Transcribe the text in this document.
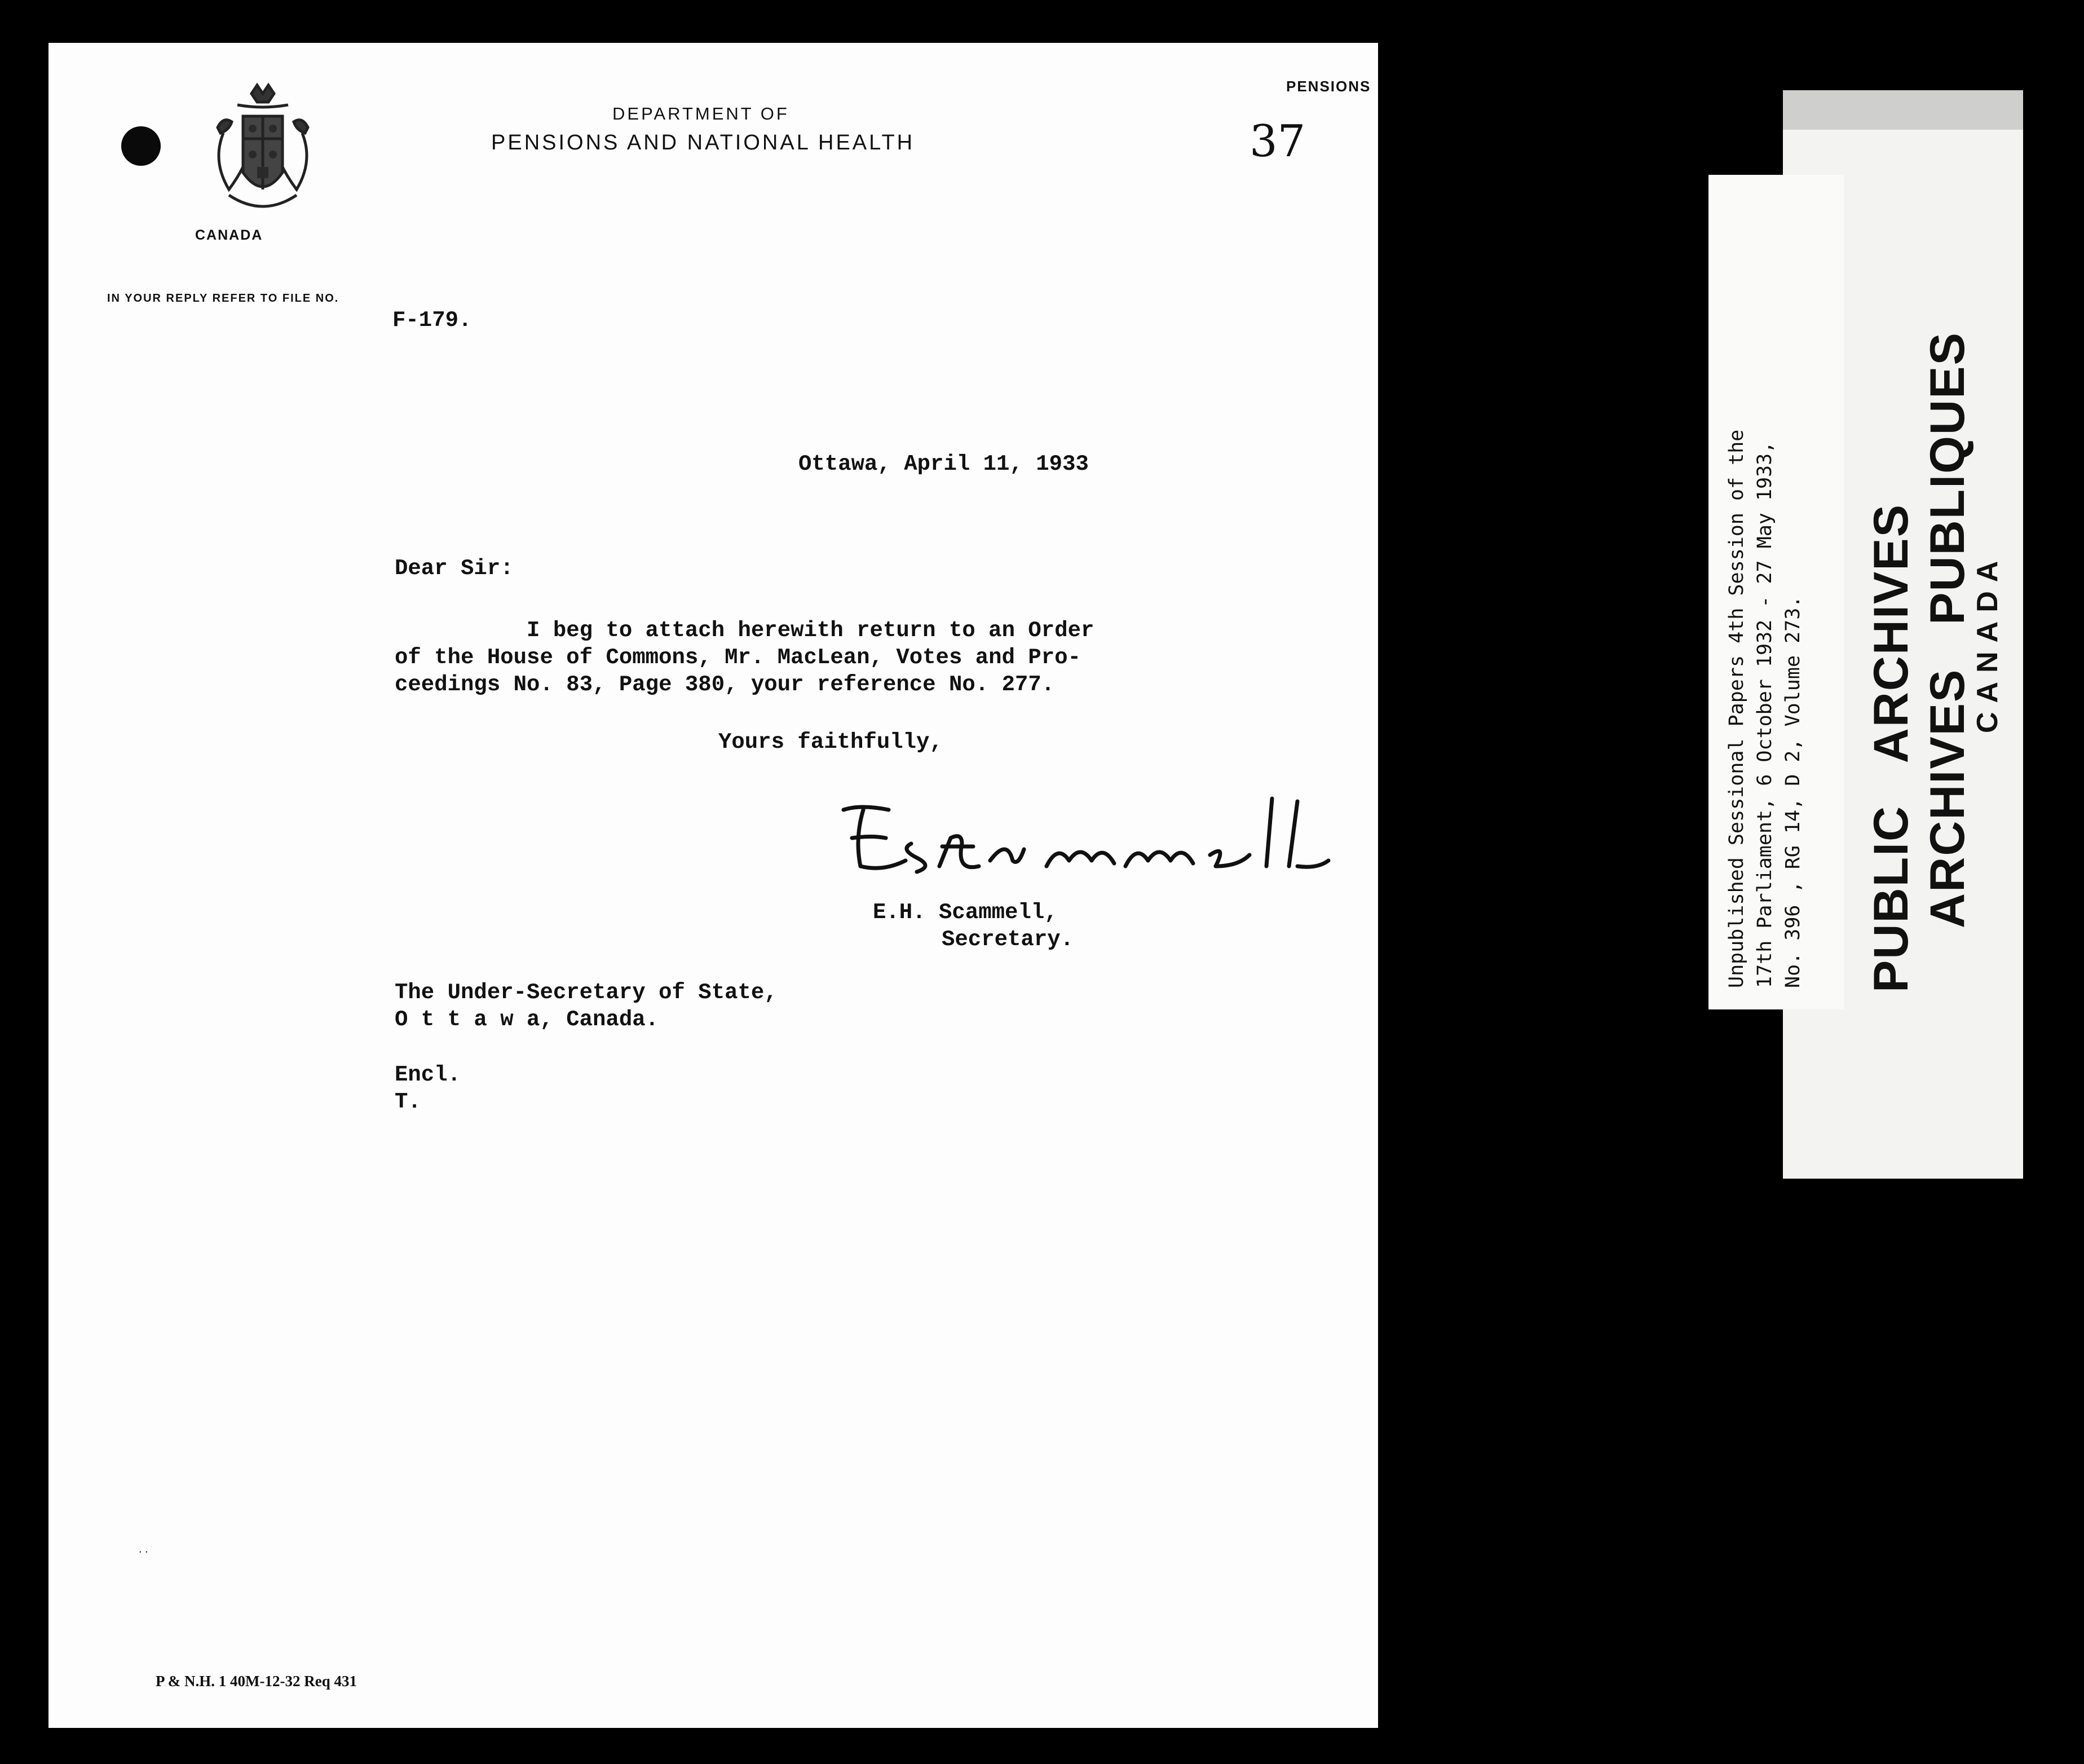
DEPARTMENT OF
PENSIONS AND NATIONAL HEALTH
CANADA
PENSIONS
37
IN YOUR REPLY REFER TO FILE NO.
F-179.
Ottawa, April 11, 1933
Dear Sir:
I beg to attach herewith return to an Order
of the House of Commons, Mr. MacLean, Votes and Pro-
ceedings No. 83, Page 380, your reference No. 277.
Yours faithfully,
E.H. Scammell,
Secretary.
The Under-Secretary of State,
O t t a w a, Canada.
Encl.
T.
. .
P & N.H. 1 40M-12-32 Req 431
Unpublished Sessional Papers 4th Session of the 17th Parliament, 6 October 1932 - 27 May 1933, No. 396 , RG 14, D 2, Volume 273. PUBLIC   ARCHIVES ARCHIVES   PUBLIQUES
CANADA
